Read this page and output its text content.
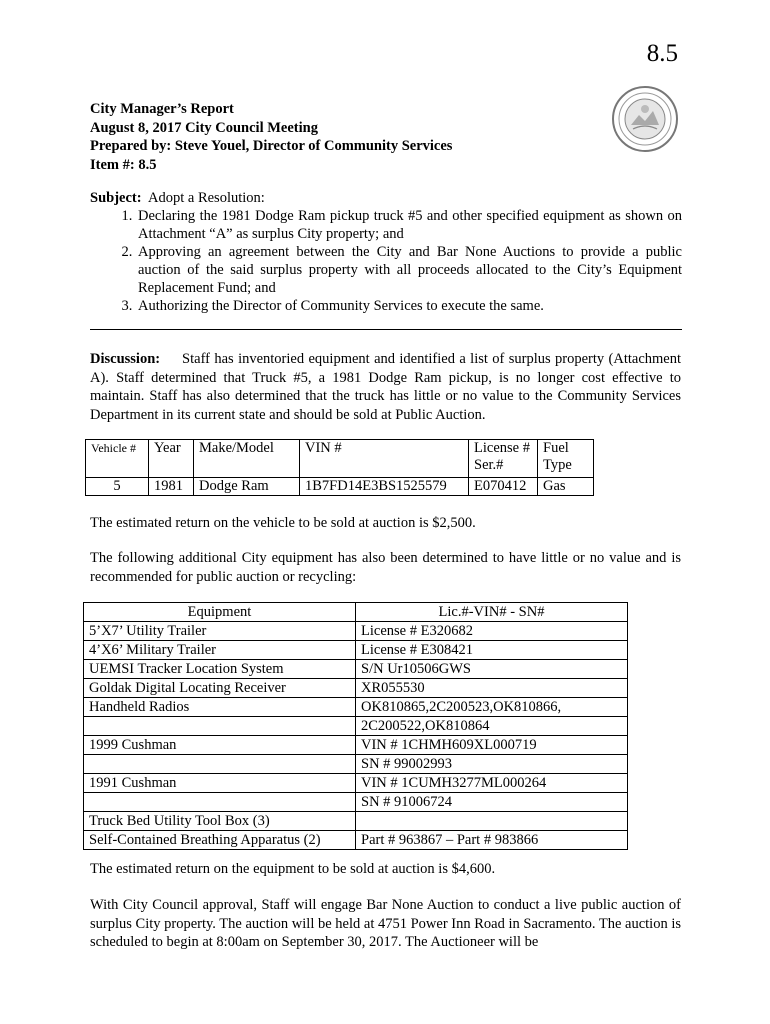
8.5
City Manager’s Report
August 8, 2017 City Council Meeting
Prepared by: Steve Youel, Director of Community Services
Item #: 8.5
Subject: Adopt a Resolution:
1. Declaring the 1981 Dodge Ram pickup truck #5 and other specified equipment as shown on Attachment “A” as surplus City property; and
2. Approving an agreement between the City and Bar None Auctions to provide a public auction of the said surplus property with all proceeds allocated to the City’s Equipment Replacement Fund; and
3. Authorizing the Director of Community Services to execute the same.
Discussion: Staff has inventoried equipment and identified a list of surplus property (Attachment A). Staff determined that Truck #5, a 1981 Dodge Ram pickup, is no longer cost effective to maintain. Staff has also determined that the truck has little or no value to the Community Services Department in its current state and should be sold at Public Auction.
Vehicle #	Year	Make/Model	VIN #	License # Ser.#	Fuel Type
5	1981	Dodge Ram	1B7FD14E3BS1525579	E070412	Gas
The estimated return on the vehicle to be sold at auction is $2,500.
The following additional City equipment has also been determined to have little or no value and is recommended for public auction or recycling:
Equipment	Lic.#-VIN# - SN#
5’X7’ Utility Trailer	License # E320682
4’X6’ Military Trailer	License # E308421
UEMSI Tracker Location System	S/N Ur10506GWS
Goldak Digital Locating Receiver	XR055530
Handheld Radios	OK810865,2C200523,OK810866,
	2C200522,OK810864
1999 Cushman	VIN # 1CHMH609XL000719
	SN # 99002993
1991 Cushman	VIN # 1CUMH3277ML000264
	SN # 91006724
Truck Bed Utility Tool Box (3)	
Self-Contained Breathing Apparatus (2)	Part # 963867 – Part # 983866
The estimated return on the equipment to be sold at auction is $4,600.
With City Council approval, Staff will engage Bar None Auction to conduct a live public auction of surplus City property. The auction will be held at 4751 Power Inn Road in Sacramento. The auction is scheduled to begin at 8:00am on September 30, 2017. The Auctioneer will be
